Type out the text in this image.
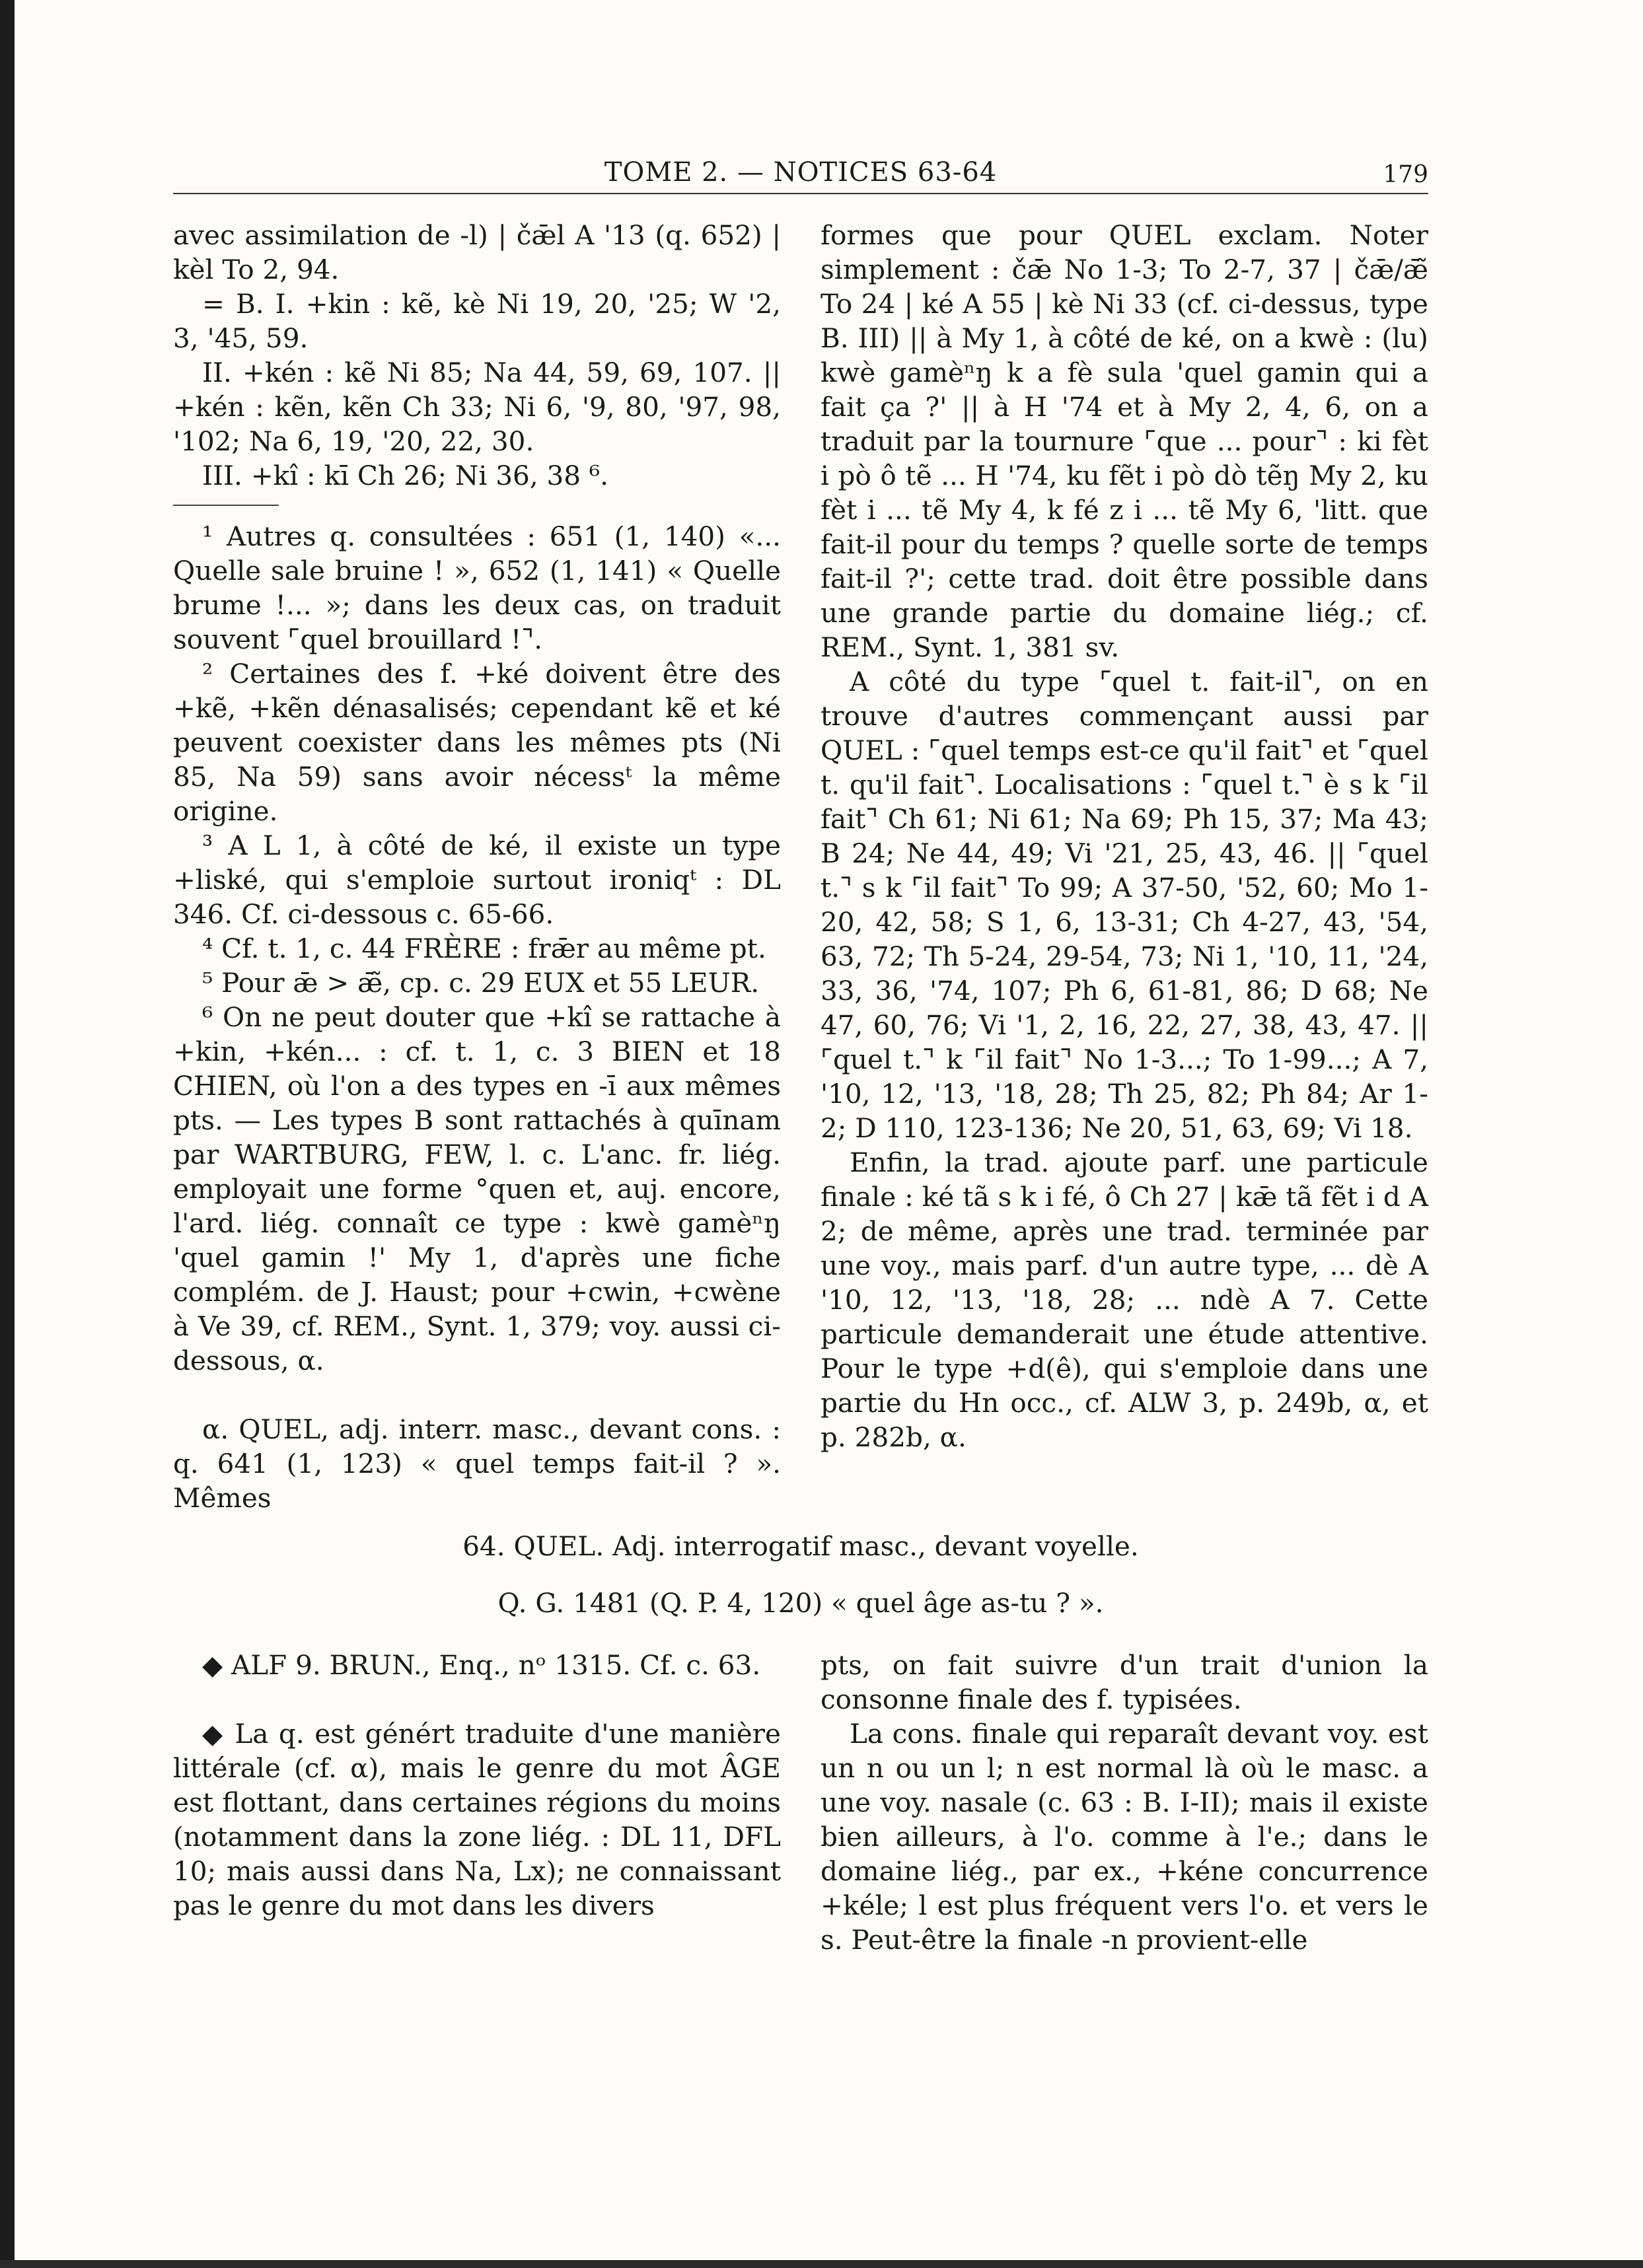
TOME 2. — NOTICES 63-64	179

avec assimilation de -l) | čǣl A '13 (q. 652) | kèl To 2, 94.

= B. I. +kin : kẽ, kè Ni 19, 20, '25; W '2, 3, '45, 59.

II. +kén : kẽ Ni 85; Na 44, 59, 69, 107. || +kén : kẽn, kẽn Ch 33; Ni 6, '9, 80, '97, 98, '102; Na 6, 19, '20, 22, 30.

III. +kî : kī Ch 26; Ni 36, 38 ⁶.

¹ Autres q. consultées : 651 (1, 140) «... Quelle sale bruine ! », 652 (1, 141) « Quelle brume !... »; dans les deux cas, on traduit souvent ⌜quel brouillard !⌝.

² Certaines des f. +ké doivent être des +kẽ, +kẽn dénasalisés; cependant kẽ et ké peuvent coexister dans les mêmes pts (Ni 85, Na 59) sans avoir nécessᵗ la même origine.

³ A L 1, à côté de ké, il existe un type +liské, qui s'emploie surtout ironiqᵗ : DL 346. Cf. ci-dessous c. 65-66.

⁴ Cf. t. 1, c. 44 FRÈRE : frǣr au même pt.

⁵ Pour ǣ > ǣ̃, cp. c. 29 EUX et 55 LEUR.

⁶ On ne peut douter que +kî se rattache à +kin, +kén... : cf. t. 1, c. 3 BIEN et 18 CHIEN, où l'on a des types en -ī aux mêmes pts. — Les types B sont rattachés à quīnam par WARTBURG, FEW, l. c. L'anc. fr. liég. employait une forme °quen et, auj. encore, l'ard. liég. connaît ce type : kwè gamèⁿŋ 'quel gamin !' My 1, d'après une fiche complém. de J. Haust; pour +cwin, +cwène à Ve 39, cf. REM., Synt. 1, 379; voy. aussi ci-dessous, α.

α. QUEL, adj. interr. masc., devant cons. : q. 641 (1, 123) « quel temps fait-il ? ». Mêmes

formes que pour QUEL exclam. Noter simplement : čǣ No 1-3; To 2-7, 37 | čǣ/ǣ̃ To 24 | ké A 55 | kè Ni 33 (cf. ci-dessus, type B. III) || à My 1, à côté de ké, on a kwè : (lu) kwè gamèⁿŋ k a fè sula 'quel gamin qui a fait ça ?' || à H '74 et à My 2, 4, 6, on a traduit par la tournure ⌜que ... pour⌝ : ki fèt i pò ô tẽ ... H '74, ku fẽt i pò dò tẽŋ My 2, ku fèt i ... tẽ My 4, k fé z i ... tẽ My 6, 'litt. que fait-il pour du temps ? quelle sorte de temps fait-il ?'; cette trad. doit être possible dans une grande partie du domaine liég.; cf. REM., Synt. 1, 381 sv.

A côté du type ⌜quel t. fait-il⌝, on en trouve d'autres commençant aussi par QUEL : ⌜quel temps est-ce qu'il fait⌝ et ⌜quel t. qu'il fait⌝. Localisations : ⌜quel t.⌝ è s k ⌜il fait⌝ Ch 61; Ni 61; Na 69; Ph 15, 37; Ma 43; B 24; Ne 44, 49; Vi '21, 25, 43, 46. || ⌜quel t.⌝ s k ⌜il fait⌝ To 99; A 37-50, '52, 60; Mo 1-20, 42, 58; S 1, 6, 13-31; Ch 4-27, 43, '54, 63, 72; Th 5-24, 29-54, 73; Ni 1, '10, 11, '24, 33, 36, '74, 107; Ph 6, 61-81, 86; D 68; Ne 47, 60, 76; Vi '1, 2, 16, 22, 27, 38, 43, 47. || ⌜quel t.⌝ k ⌜il fait⌝ No 1-3...; To 1-99...; A 7, '10, 12, '13, '18, 28; Th 25, 82; Ph 84; Ar 1-2; D 110, 123-136; Ne 20, 51, 63, 69; Vi 18.

Enfin, la trad. ajoute parf. une particule finale : ké tã s k i fé, ô Ch 27 | kǣ tã fẽt i d A 2; de même, après une trad. terminée par une voy., mais parf. d'un autre type, ... dè A '10, 12, '13, '18, 28; ... ndè A 7. Cette particule demanderait une étude attentive. Pour le type +d(ê), qui s'emploie dans une partie du Hn occ., cf. ALW 3, p. 249b, α, et p. 282b, α.

64. QUEL. Adj. interrogatif masc., devant voyelle.
Q. G. 1481 (Q. P. 4, 120) « quel âge as-tu ? ».

◆ ALF 9. BRUN., Enq., nᵒ 1315. Cf. c. 63.

◆ La q. est génért traduite d'une manière littérale (cf. α), mais le genre du mot ÂGE est flottant, dans certaines régions du moins (notamment dans la zone liég. : DL 11, DFL 10; mais aussi dans Na, Lx); ne connaissant pas le genre du mot dans les divers

pts, on fait suivre d'un trait d'union la consonne finale des f. typisées.

La cons. finale qui reparaît devant voy. est un n ou un l; n est normal là où le masc. a une voy. nasale (c. 63 : B. I-II); mais il existe bien ailleurs, à l'o. comme à l'e.; dans le domaine liég., par ex., +kéne concurrence +kéle; l est plus fréquent vers l'o. et vers le s. Peut-être la finale -n provient-elle
